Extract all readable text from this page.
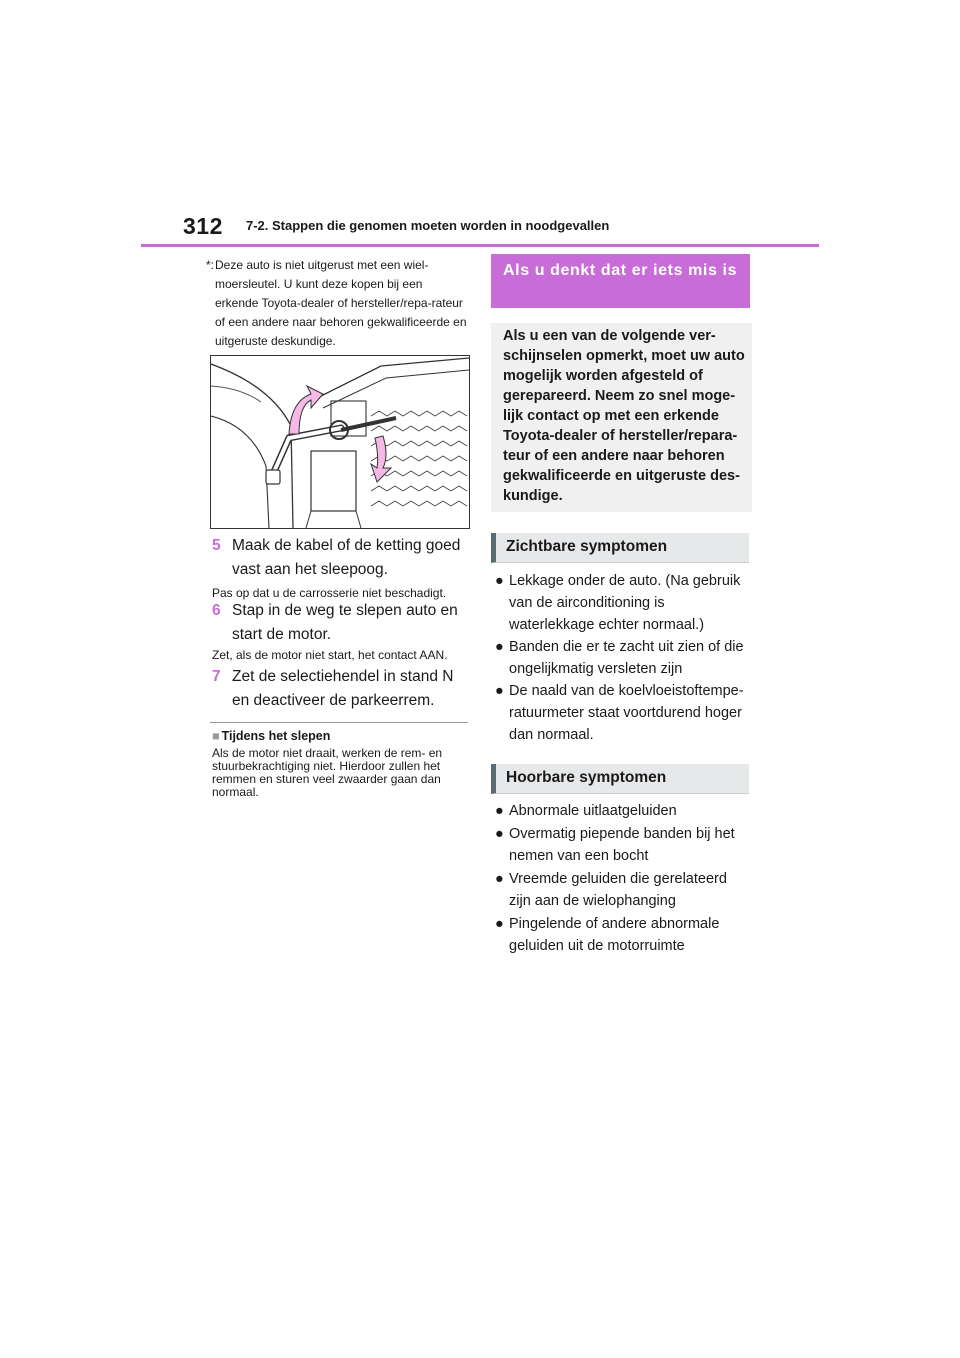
312 7-2. Stappen die genomen moeten worden in noodgevallen
*: Deze auto is niet uitgerust met een wiel-moersleutel. U kunt deze kopen bij een erkende Toyota-dealer of hersteller/repa-rateur of een andere naar behoren gekwalificeerde en uitgeruste deskundige.
5 Maak de kabel of de ketting goed vast aan het sleepoog.
Pas op dat u de carrosserie niet beschadigt.
6 Stap in de weg te slepen auto en start de motor.
Zet, als de motor niet start, het contact AAN.
7 Zet de selectiehendel in stand N en deactiveer de parkeerrem.
■ Tijdens het slepen
Als de motor niet draait, werken de rem- en stuurbekrachtiging niet. Hierdoor zullen het remmen en sturen veel zwaarder gaan dan normaal.
Als u denkt dat er iets mis is
Als u een van de volgende ver-schijnselen opmerkt, moet uw auto mogelijk worden afgesteld of gerepareerd. Neem zo snel moge-lijk contact op met een erkende Toyota-dealer of hersteller/repara-teur of een andere naar behoren gekwalificeerde en uitgeruste des-kundige.
Zichtbare symptomen
● Lekkage onder de auto. (Na gebruik van de airconditioning is waterlekkage echter normaal.)
● Banden die er te zacht uit zien of die ongelijkmatig versleten zijn
● De naald van de koelvloeistoftempe-ratuurmeter staat voortdurend hoger dan normaal.
Hoorbare symptomen
● Abnormale uitlaatgeluiden
● Overmatig piepende banden bij het nemen van een bocht
● Vreemde geluiden die gerelateerd zijn aan de wielophanging
● Pingelende of andere abnormale geluiden uit de motorruimte
